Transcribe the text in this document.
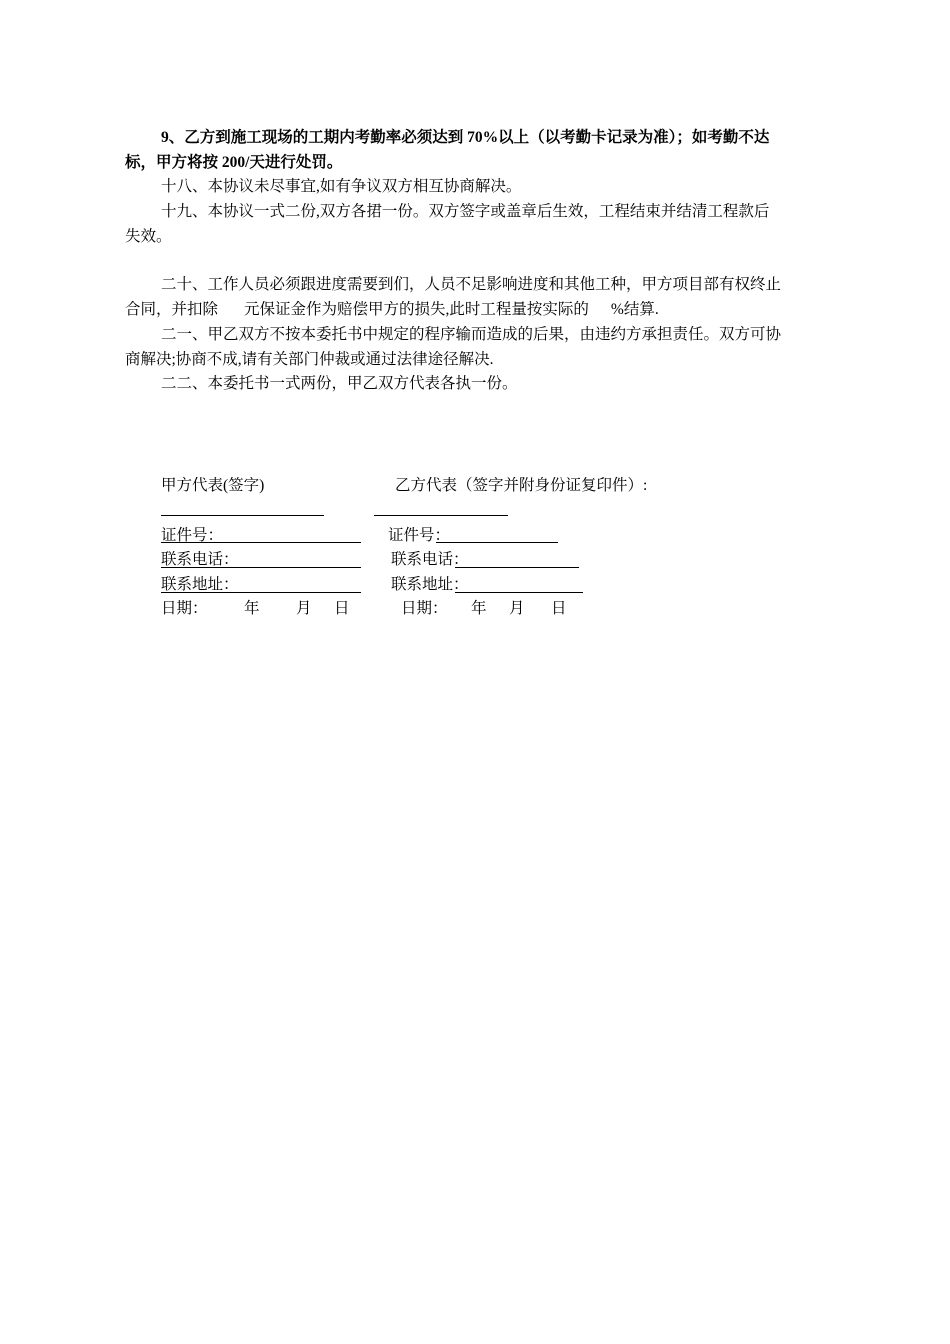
9、乙方到施工现场的工期内考勤率必须达到 70%以上（以考勤卡记录为准）；如考勤不达
标，甲方将按 200/天进行处罚。
十八、本协议未尽事宜,如有争议双方相互协商解决。
十九、本协议一式二份,双方各捃一份。双方签字或盖章后生效，工程结束并结清工程款后
失效。
二十、工作人员必须跟进度需要到们，人员不足影响进度和其他工种，甲方项目部有权终止
合同，并扣除 元保证金作为赔偿甲方的损失,此时工程量按实际的 %结算.
二一、甲乙双方不按本委托书中规定的程序输而造成的后果，由违约方承担责任。双方可协
商解决;协商不成,请有关部门仲裁或通过法律途径解决.
二二、本委托书一式两份，甲乙双方代表各执一份。
甲方代表(签字)
证件号：
联系电话：
联系地址：
日期： 年 月 日
乙方代表（签字并附身份证复印件）:
证件号：
联系电话：
联系地址：
日期： 年 月 日
